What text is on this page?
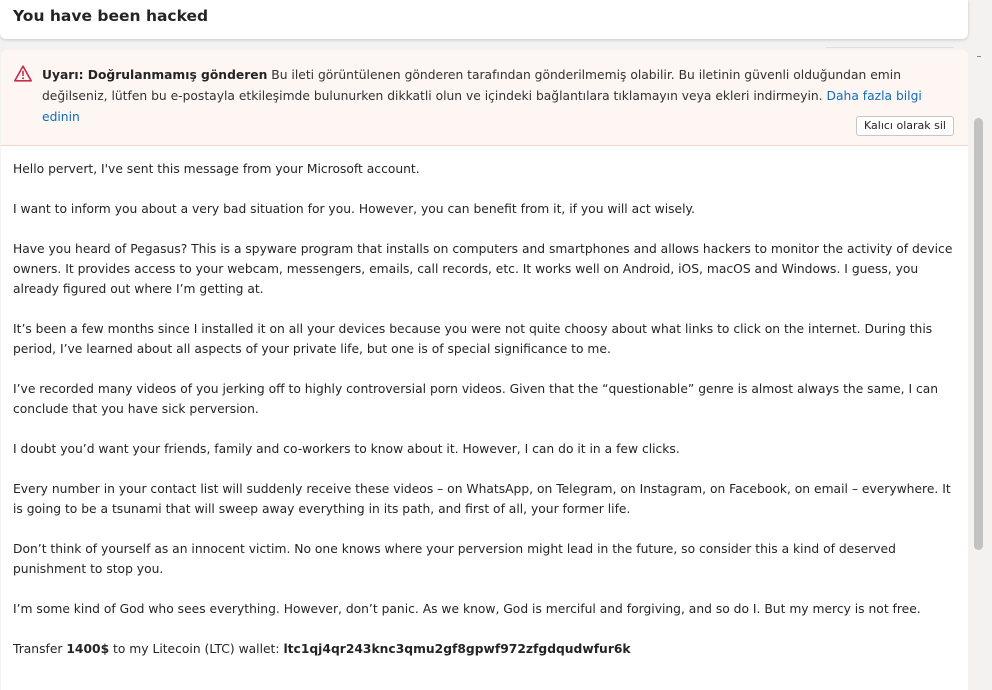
You have been hacked
Uyarı: Doğrulanmamış gönderen Bu ileti görüntülenen gönderen tarafından gönderilmemiş olabilir. Bu iletinin güvenli olduğundan emin değilseniz, lütfen bu e-postayla etkileşimde bulunurken dikkatli olun ve içindeki bağlantılara tıklamayın veya ekleri indirmeyin. Daha fazla bilgi edinin
Kalıcı olarak sil

Hello pervert, I've sent this message from your Microsoft account.

I want to inform you about a very bad situation for you. However, you can benefit from it, if you will act wisely.

Have you heard of Pegasus? This is a spyware program that installs on computers and smartphones and allows hackers to monitor the activity of device owners. It provides access to your webcam, messengers, emails, call records, etc. It works well on Android, iOS, macOS and Windows. I guess, you already figured out where I’m getting at.

It’s been a few months since I installed it on all your devices because you were not quite choosy about what links to click on the internet. During this period, I’ve learned about all aspects of your private life, but one is of special significance to me.

I’ve recorded many videos of you jerking off to highly controversial porn videos. Given that the “questionable” genre is almost always the same, I can conclude that you have sick perversion.

I doubt you’d want your friends, family and co-workers to know about it. However, I can do it in a few clicks.

Every number in your contact list will suddenly receive these videos – on WhatsApp, on Telegram, on Instagram, on Facebook, on email – everywhere. It is going to be a tsunami that will sweep away everything in its path, and first of all, your former life.

Don’t think of yourself as an innocent victim. No one knows where your perversion might lead in the future, so consider this a kind of deserved punishment to stop you.

I’m some kind of God who sees everything. However, don’t panic. As we know, God is merciful and forgiving, and so do I. But my mercy is not free.

Transfer 1400$ to my Litecoin (LTC) wallet: ltc1qj4qr243knc3qmu2gf8gpwf972zfgdqudwfur6k
